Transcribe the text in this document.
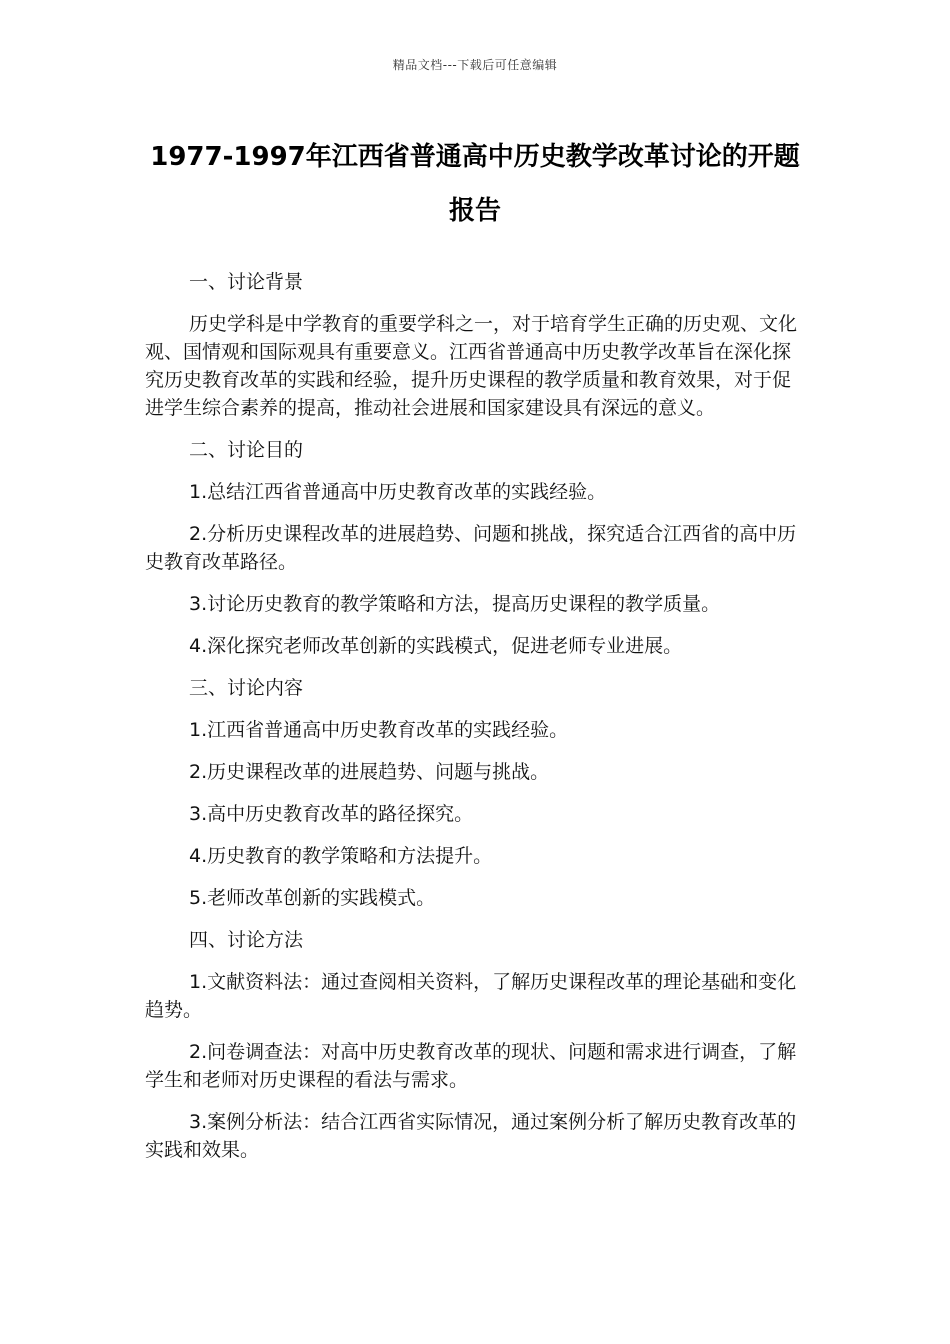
精品文档---下载后可任意编辑
1977-1997年江西省普通高中历史教学改革讨论的开题报告

一、讨论背景

历史学科是中学教育的重要学科之一，对于培育学生正确的历史观、文化观、国情观和国际观具有重要意义。江西省普通高中历史教学改革旨在深化探究历史教育改革的实践和经验，提升历史课程的教学质量和教育效果，对于促进学生综合素养的提高，推动社会进展和国家建设具有深远的意义。

二、讨论目的

1.总结江西省普通高中历史教育改革的实践经验。

2.分析历史课程改革的进展趋势、问题和挑战，探究适合江西省的高中历史教育改革路径。

3.讨论历史教育的教学策略和方法，提高历史课程的教学质量。

4.深化探究老师改革创新的实践模式，促进老师专业进展。

三、讨论内容

1.江西省普通高中历史教育改革的实践经验。

2.历史课程改革的进展趋势、问题与挑战。

3.高中历史教育改革的路径探究。

4.历史教育的教学策略和方法提升。

5.老师改革创新的实践模式。

四、讨论方法

1.文献资料法：通过查阅相关资料，了解历史课程改革的理论基础和变化趋势。

2.问卷调查法：对高中历史教育改革的现状、问题和需求进行调查，了解学生和老师对历史课程的看法与需求。

3.案例分析法：结合江西省实际情况，通过案例分析了解历史教育改革的实践和效果。
